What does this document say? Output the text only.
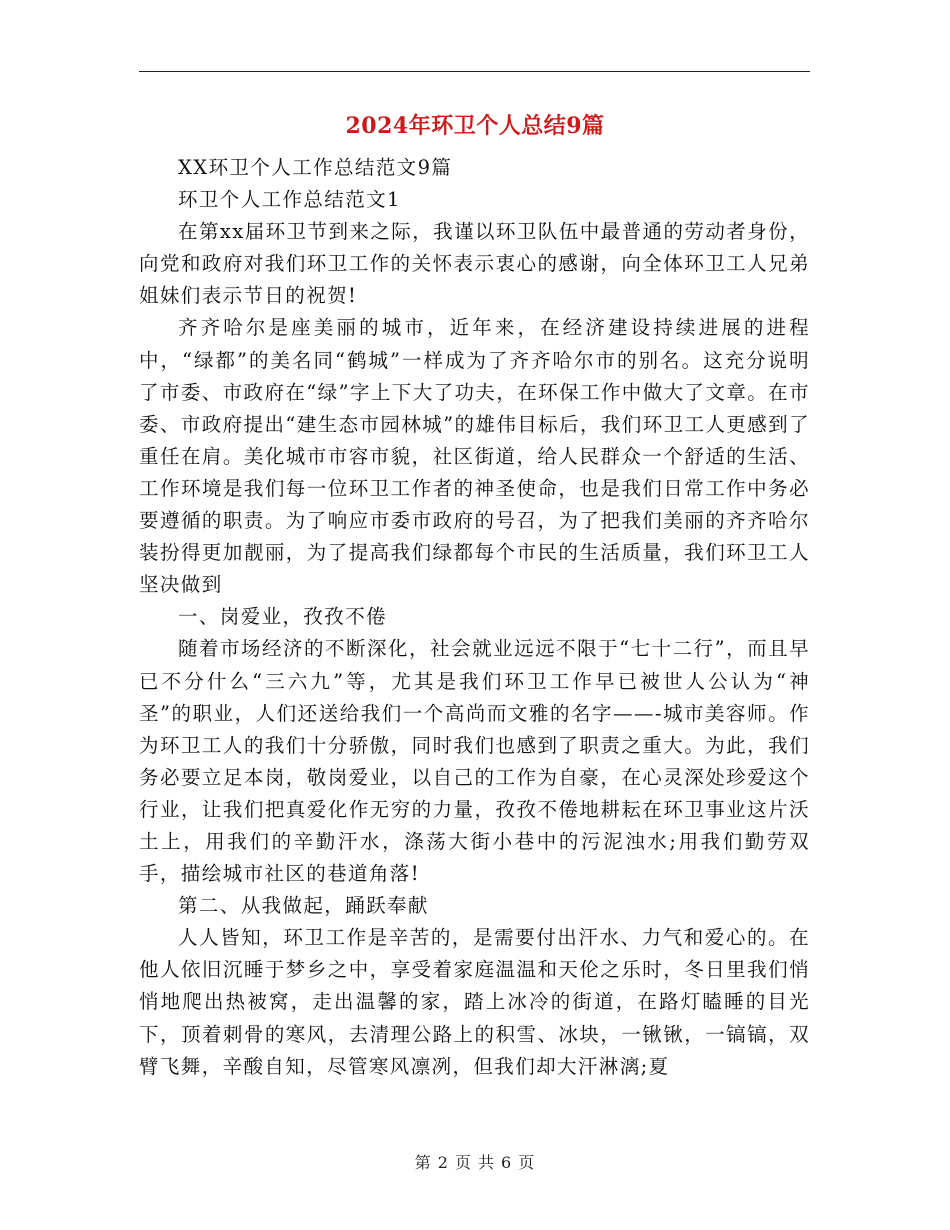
2024年环卫个人总结9篇

XX环卫个人工作总结范文9篇

环卫个人工作总结范文1

在第xx届环卫节到来之际，我谨以环卫队伍中最普通的劳动者身份，向党和政府对我们环卫工作的关怀表示衷心的感谢，向全体环卫工人兄弟姐妹们表示节日的祝贺!

齐齐哈尔是座美丽的城市，近年来，在经济建设持续进展的进程中，“绿都”的美名同“鹤城”一样成为了齐齐哈尔市的别名。这充分说明了市委、市政府在“绿”字上下大了功夫，在环保工作中做大了文章。在市委、市政府提出“建生态市园林城”的雄伟目标后，我们环卫工人更感到了重任在肩。美化城市市容市貌，社区街道，给人民群众一个舒适的生活、工作环境是我们每一位环卫工作者的神圣使命，也是我们日常工作中务必要遵循的职责。为了响应市委市政府的号召，为了把我们美丽的齐齐哈尔装扮得更加靓丽，为了提高我们绿都每个市民的生活质量，我们环卫工人坚决做到

一、岗爱业，孜孜不倦

随着市场经济的不断深化，社会就业远远不限于“七十二行”，而且早已不分什么“三六九”等，尤其是我们环卫工作早已被世人公认为“神圣”的职业，人们还送给我们一个高尚而文雅的名字——-城市美容师。作为环卫工人的我们十分骄傲，同时我们也感到了职责之重大。为此，我们务必要立足本岗，敬岗爱业，以自己的工作为自豪，在心灵深处珍爱这个行业，让我们把真爱化作无穷的力量，孜孜不倦地耕耘在环卫事业这片沃土上，用我们的辛勤汗水，涤荡大街小巷中的污泥浊水;用我们勤劳双手，描绘城市社区的巷道角落!

第二、从我做起，踊跃奉献

人人皆知，环卫工作是辛苦的，是需要付出汗水、力气和爱心的。在他人依旧沉睡于梦乡之中，享受着家庭温温和天伦之乐时，冬日里我们悄悄地爬出热被窝，走出温馨的家，踏上冰冷的街道，在路灯瞌睡的目光下，顶着刺骨的寒风，去清理公路上的积雪、冰块，一锹锹，一镐镐，双臂飞舞，辛酸自知，尽管寒风凛冽，但我们却大汗淋漓;夏

第 2 页 共 6 页
